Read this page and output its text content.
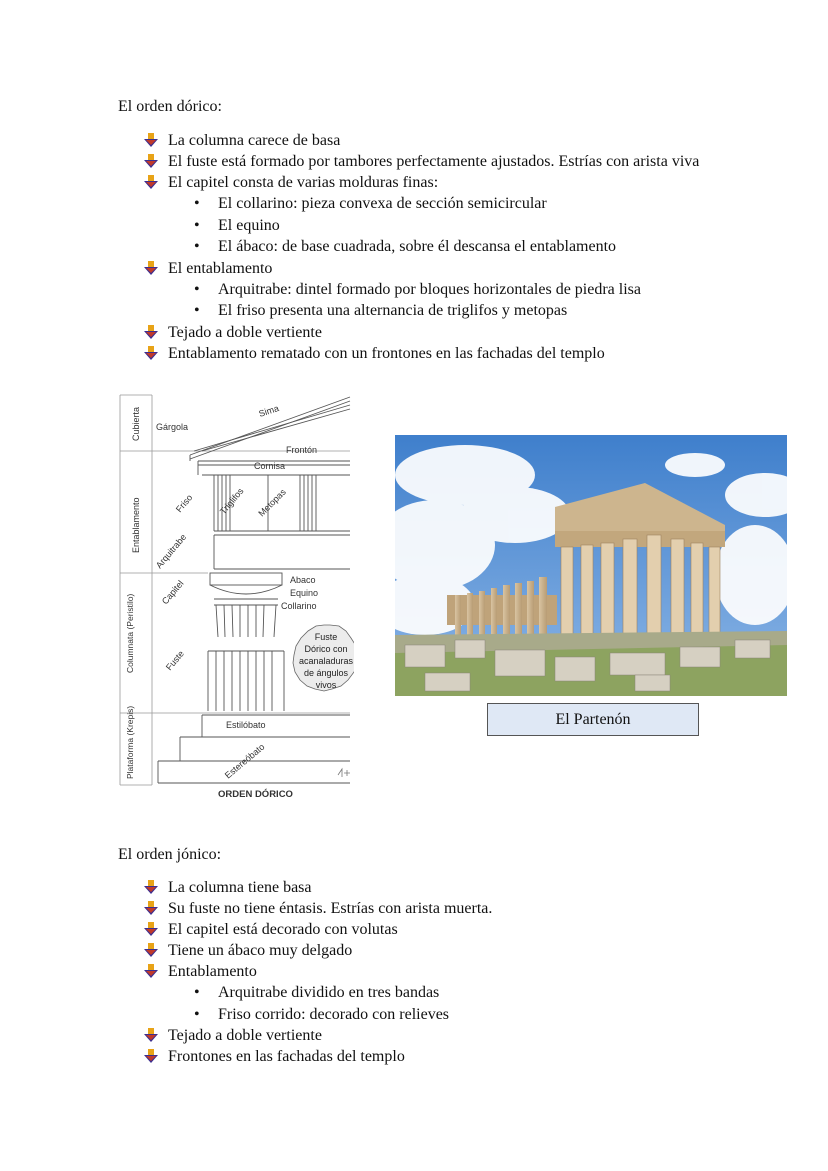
El orden dórico:
La columna carece de basa
El fuste está formado por tambores perfectamente ajustados. Estrías con arista viva
El capitel consta de varias molduras finas:
• El collarino: pieza convexa de sección semicircular
• El equino
• El ábaco: de base cuadrada, sobre él descansa el entablamento
El entablamento
• Arquitrabe: dintel formado por bloques horizontales de piedra lisa
• El friso presenta una alternancia de triglifos y metopas
Tejado a doble vertiente
Entablamento rematado con un frontones en las fachadas del templo
Fuste
Dórico con
acanaladuras
de ángulos
vivos
Cubierta
Entablamento
Columnata (Peristilo)
Plataforma (Krepis)
Gárgola
Sima
Frontón
Cornisa
Friso	Triglifos Metopas
Arquitrabe
Capitel	Abaco
Equino
Collarino
Fuste
Estilóbato
Estereóbato
ORDEN DÓRICO
El Partenón
El orden jónico:
La columna tiene basa
Su fuste no tiene éntasis. Estrías con arista muerta.
El capitel está decorado con volutas
Tiene un ábaco muy delgado
Entablamento
• Arquitrabe dividido en tres bandas
• Friso corrido: decorado con relieves
Tejado a doble vertiente
Frontones en las fachadas del templo
